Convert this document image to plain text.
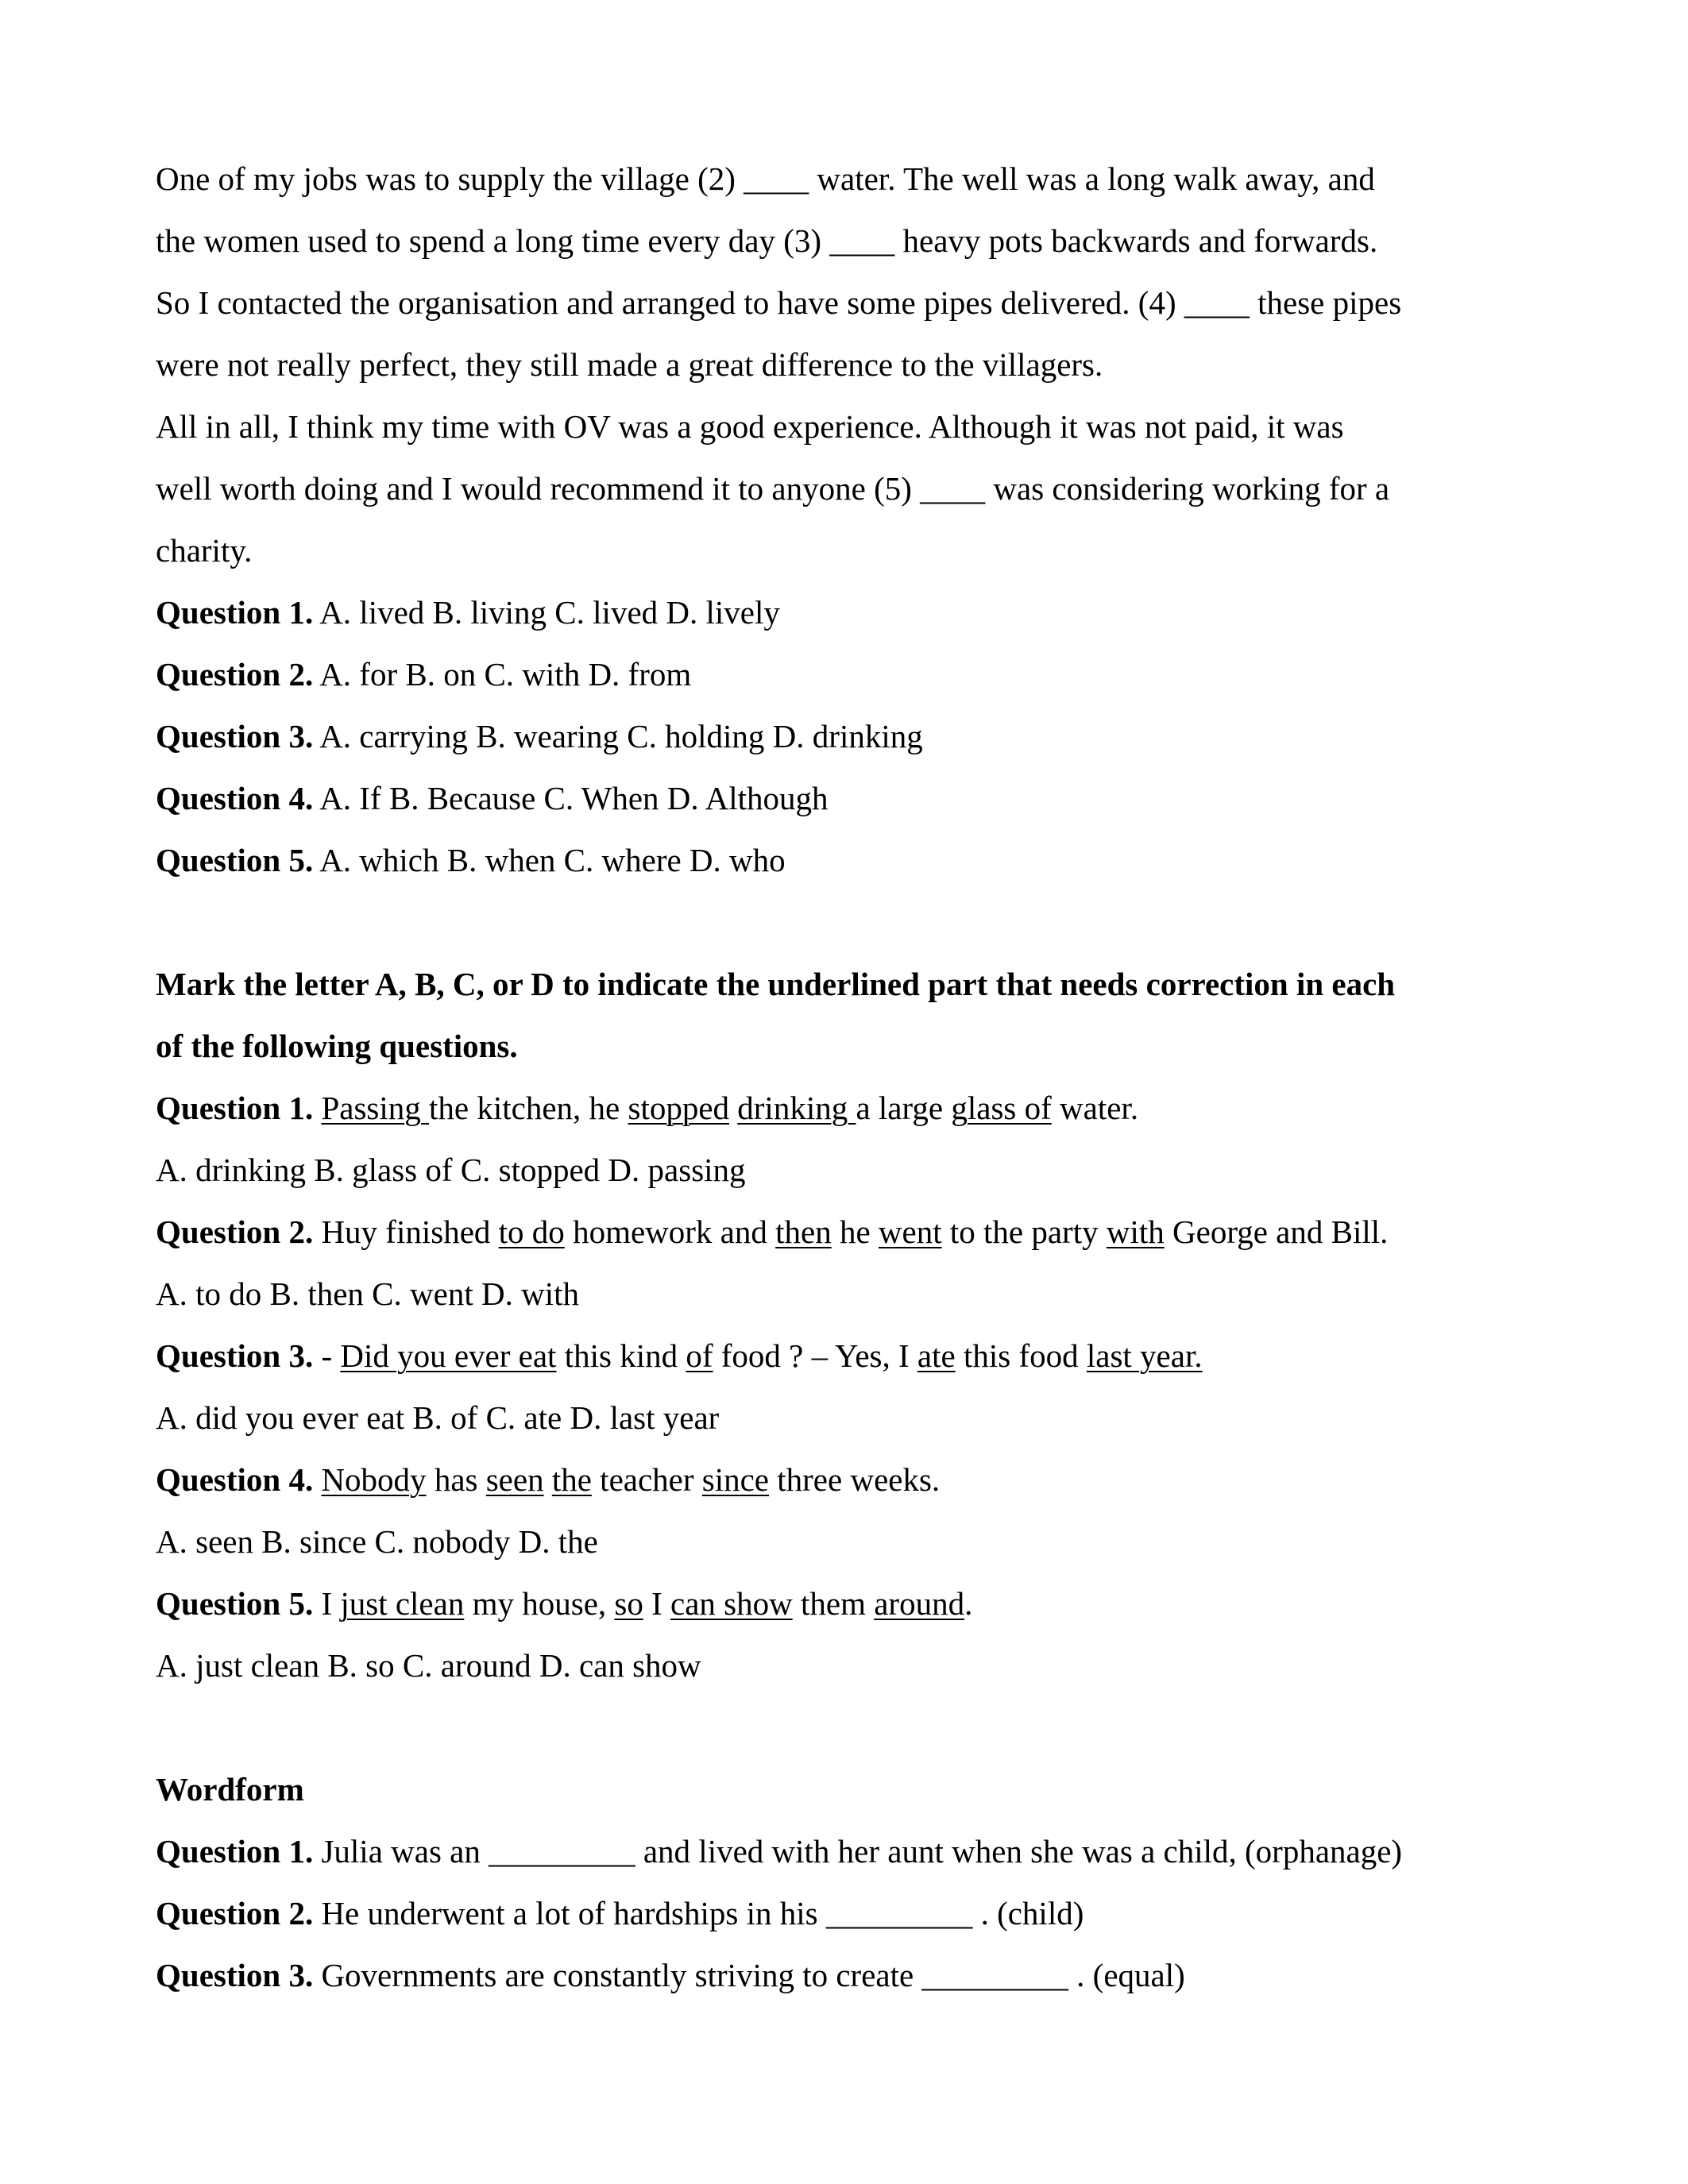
One of my jobs was to supply the village (2) ____ water. The well was a long walk away, and

the women used to spend a long time every day (3) ____ heavy pots backwards and forwards.

So I contacted the organisation and arranged to have some pipes delivered. (4) ____ these pipes

were not really perfect, they still made a great difference to the villagers.

All in all, I think my time with OV was a good experience. Although it was not paid, it was

well worth doing and I would recommend it to anyone (5) ____ was considering working for a

charity.

Question 1. A. lived B. living C. lived D. lively

Question 2. A. for B. on C. with D. from

Question 3. A. carrying B. wearing C. holding D. drinking

Question 4. A. If B. Because C. When D. Although

Question 5. A. which B. when C. where D. who

Mark the letter A, B, C, or D to indicate the underlined part that needs correction in each

of the following questions.

Question 1. Passing the kitchen, he stopped drinking a large glass of water.

A. drinking B. glass of C. stopped D. passing

Question 2. Huy finished to do homework and then he went to the party with George and Bill.

A. to do B. then C. went D. with

Question 3. - Did you ever eat this kind of food ? – Yes, I ate this food last year.

A. did you ever eat B. of C. ate D. last year

Question 4. Nobody has seen the teacher since three weeks.

A. seen B. since C. nobody D. the

Question 5. I just clean my house, so I can show them around.

A. just clean B. so C. around D. can show

Wordform

Question 1. Julia was an _________ and lived with her aunt when she was a child, (orphanage)

Question 2. He underwent a lot of hardships in his _________ . (child)

Question 3. Governments are constantly striving to create _________ . (equal)
